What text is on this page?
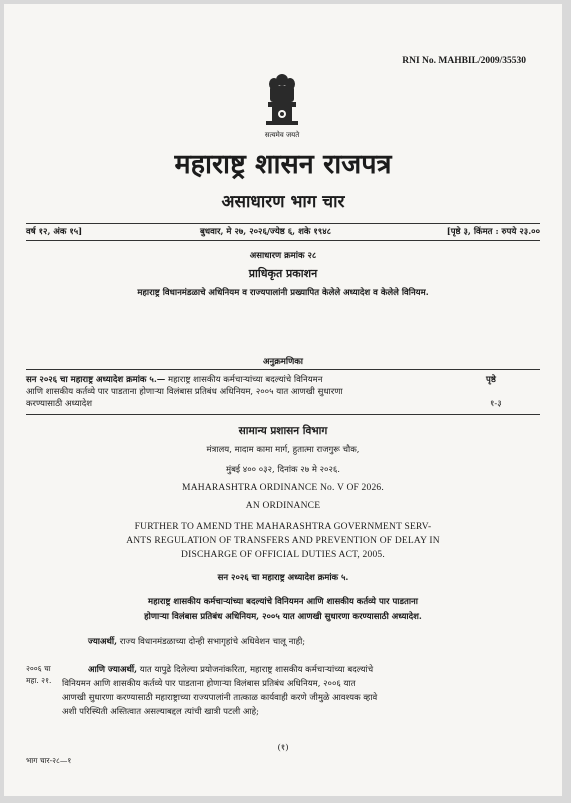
RNI No. MAHBIL/2009/35530
सत्यमेव जयते
महाराष्ट्र शासन राजपत्र
असाधारण भाग चार
वर्ष १२, अंक १५]	बुधवार, मे २७, २०२६/ज्येष्ठ ६, शके १९४८	[पृष्ठे ३, किंमत : रुपये २३.००
असाधारण क्रमांक २८
प्राधिकृत प्रकाशन
महाराष्ट्र विधानमंडळाचे अधिनियम व राज्यपालांनी प्रख्यापित केलेले अध्यादेश व केलेले विनियम.
अनुक्रमणिका
सन २०२६ चा महाराष्ट्र अध्यादेश क्रमांक ५.— महाराष्ट्र शासकीय कर्मचाऱ्यांच्या बदल्यांचे विनियमन
आणि शासकीय कर्तव्ये पार पाडताना होणाऱ्या विलंबास प्रतिबंध अधिनियम, २००५ यात आणखी सुधारणा
करण्यासाठी अध्यादेश
पृष्ठे
१-३
सामान्य प्रशासन विभाग
मंत्रालय, मादाम कामा मार्ग, हुतात्मा राजगुरू चौक,
मुंबई ४०० ०३२, दिनांक २७ मे २०२६.
MAHARASHTRA ORDINANCE No. V OF 2026.
AN ORDINANCE
FURTHER TO AMEND THE MAHARASHTRA GOVERNMENT SERV-
ANTS REGULATION OF TRANSFERS AND PREVENTION OF DELAY IN
DISCHARGE OF OFFICIAL DUTIES ACT, 2005.
सन २०२६ चा महाराष्ट्र अध्यादेश क्रमांक ५.
महाराष्ट्र शासकीय कर्मचाऱ्यांच्या बदल्यांचे विनियमन आणि शासकीय कर्तव्ये पार पाडताना
होणाऱ्या विलंबास प्रतिबंध अधिनियम, २००५ यात आणखी सुधारणा करण्यासाठी अध्यादेश.
ज्याअर्थी, राज्य विधानमंडळाच्या दोन्ही सभागृहांचे अधिवेशन चालू नाही;
२००६ चा
महा. २१.
आणि ज्याअर्थी, यात यापुढे दिलेल्या प्रयोजनांकरिता, महाराष्ट्र शासकीय कर्मचाऱ्यांच्या बदल्यांचे
विनियमन आणि शासकीय कर्तव्ये पार पाडताना होणाऱ्या विलंबास प्रतिबंध अधिनियम, २००६ यात
आणखी सुधारणा करण्यासाठी महाराष्ट्राच्या राज्यपालांनी तात्काळ कार्यवाही करणे जीमुळे आवश्यक व्हावे
अशी परिस्थिती अस्तित्वात असल्याबद्दल त्यांची खात्री पटली आहे;
(१)
भाग चार-२८—१
